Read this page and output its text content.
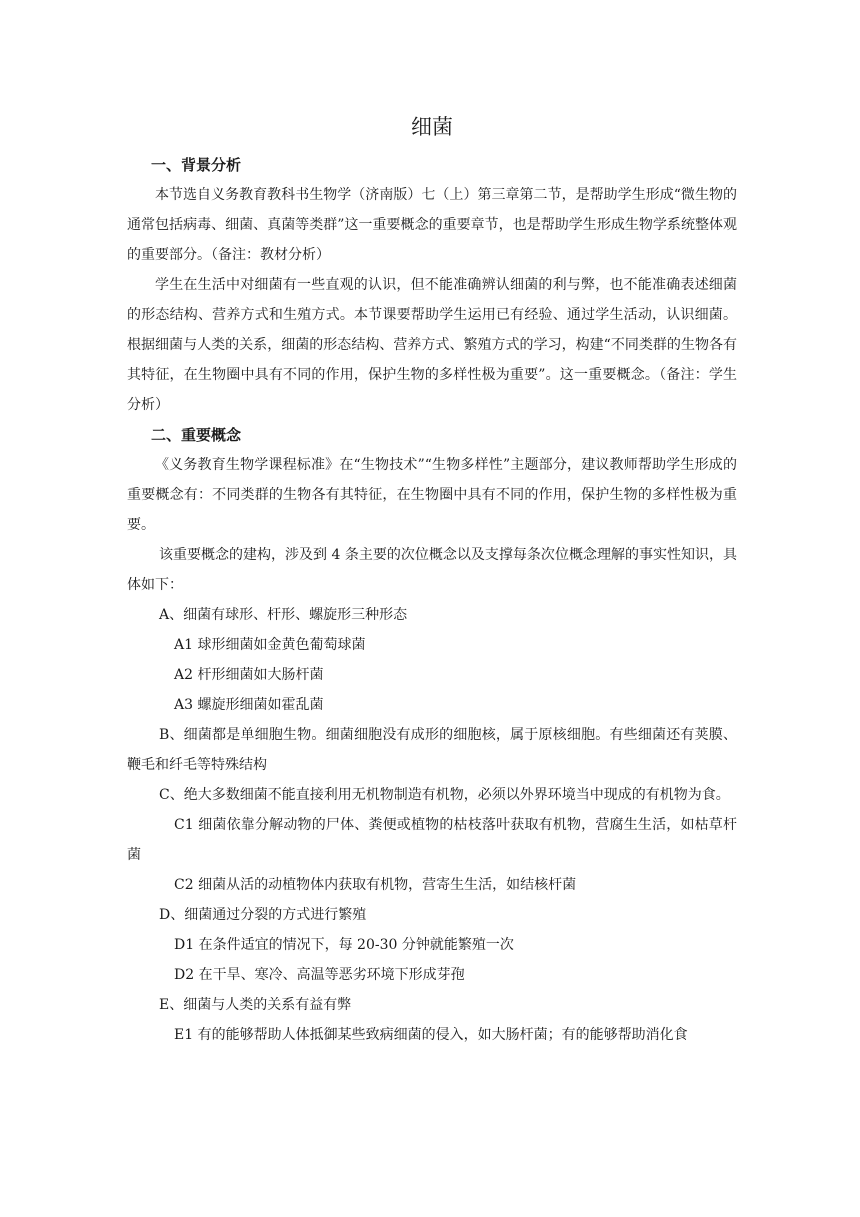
细菌
一、背景分析

本节选自义务教育教科书生物学（济南版）七（上）第三章第二节，是帮助学生形成“微生物的通常包括病毒、细菌、真菌等类群”这一重要概念的重要章节，也是帮助学生形成生物学系统整体观的重要部分。（备注：教材分析）

学生在生活中对细菌有一些直观的认识，但不能准确辨认细菌的利与弊，也不能准确表述细菌的形态结构、营养方式和生殖方式。本节课要帮助学生运用已有经验、通过学生活动，认识细菌。根据细菌与人类的关系，细菌的形态结构、营养方式、繁殖方式的学习，构建“不同类群的生物各有其特征，在生物圈中具有不同的作用，保护生物的多样性极为重要”。这一重要概念。（备注：学生分析）

二、重要概念

《义务教育生物学课程标准》在“生物技术”“生物多样性”主题部分，建议教师帮助学生形成的重要概念有：不同类群的生物各有其特征，在生物圈中具有不同的作用，保护生物的多样性极为重要。

该重要概念的建构，涉及到 4 条主要的次位概念以及支撑每条次位概念理解的事实性知识，具体如下：

A、细菌有球形、杆形、螺旋形三种形态

A1 球形细菌如金黄色葡萄球菌

A2 杆形细菌如大肠杆菌

A3 螺旋形细菌如霍乱菌

B、细菌都是单细胞生物。细菌细胞没有成形的细胞核，属于原核细胞。有些细菌还有荚膜、鞭毛和纤毛等特殊结构

C、绝大多数细菌不能直接利用无机物制造有机物，必须以外界环境当中现成的有机物为食。

C1 细菌依靠分解动物的尸体、粪便或植物的枯枝落叶获取有机物，营腐生生活，如枯草杆菌

C2 细菌从活的动植物体内获取有机物，营寄生生活，如结核杆菌

D、细菌通过分裂的方式进行繁殖

D1 在条件适宜的情况下，每 20-30 分钟就能繁殖一次

D2 在干旱、寒冷、高温等恶劣环境下形成芽孢

E、细菌与人类的关系有益有弊

E1 有的能够帮助人体抵御某些致病细菌的侵入，如大肠杆菌；有的能够帮助消化食
